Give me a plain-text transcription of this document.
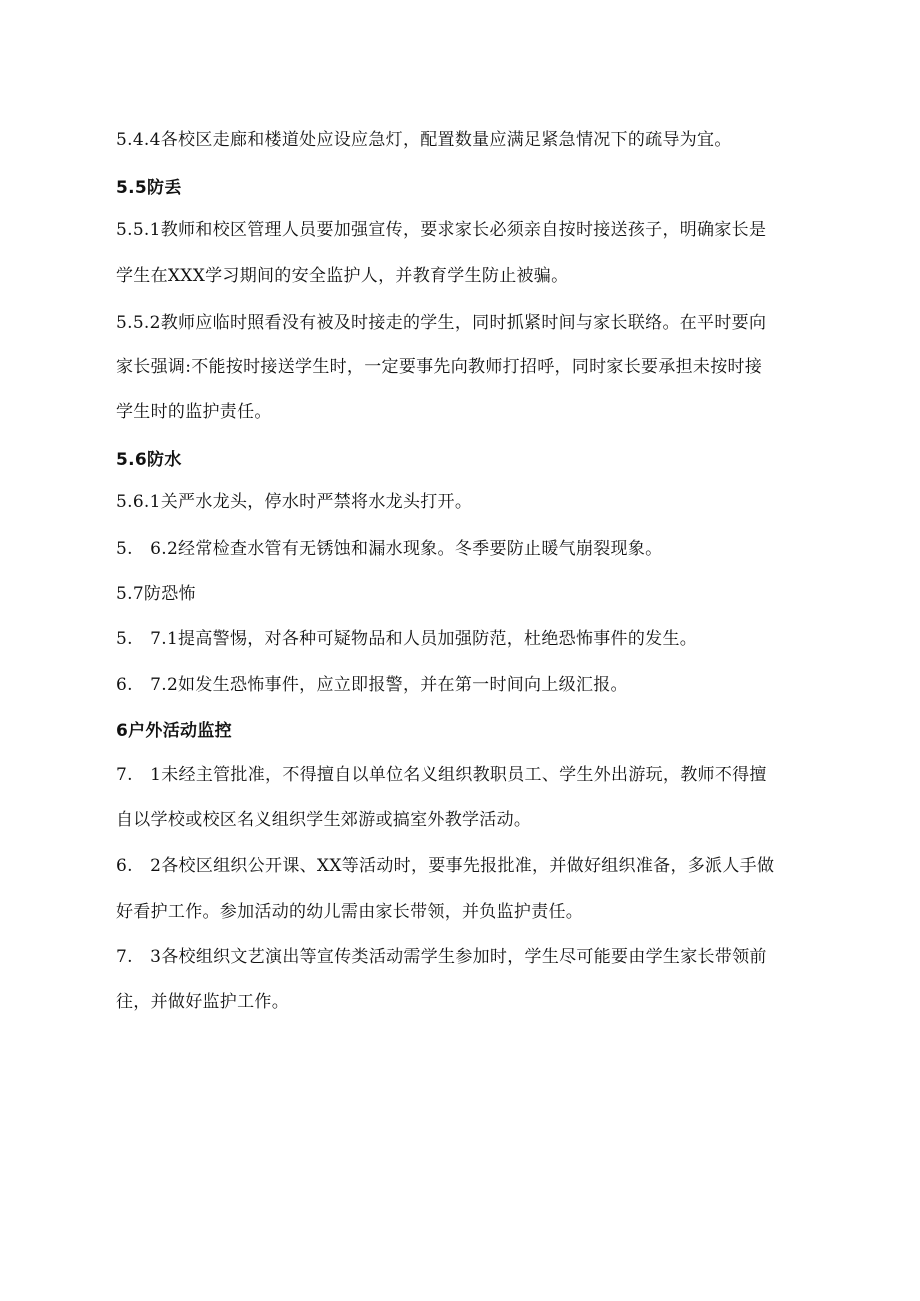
5.4.4各校区走廊和楼道处应设应急灯，配置数量应满足紧急情况下的疏导为宜。
5.5防丢
5.5.1教师和校区管理人员要加强宣传，要求家长必须亲自按时接送孩子，明确家长是
学生在XXX学习期间的安全监护人，并教育学生防止被骗。
5.5.2教师应临时照看没有被及时接走的学生，同时抓紧时间与家长联络。在平时要向
家长强调:不能按时接送学生时，一定要事先向教师打招呼，同时家长要承担未按时接
学生时的监护责任。
5.6防水
5.6.1关严水龙头，停水时严禁将水龙头打开。
5.　6.2经常检查水管有无锈蚀和漏水现象。冬季要防止暖气崩裂现象。
5.7防恐怖
5.　7.1提高警惕，对各种可疑物品和人员加强防范，杜绝恐怖事件的发生。
6.　7.2如发生恐怖事件，应立即报警，并在第一时间向上级汇报。
6户外活动监控
7.　1未经主管批准，不得擅自以单位名义组织教职员工、学生外出游玩，教师不得擅
自以学校或校区名义组织学生郊游或搞室外教学活动。
6.　2各校区组织公开课、XX等活动时，要事先报批准，并做好组织准备，多派人手做
好看护工作。参加活动的幼儿需由家长带领，并负监护责任。
7.　3各校组织文艺演出等宣传类活动需学生参加时，学生尽可能要由学生家长带领前
往，并做好监护工作。
